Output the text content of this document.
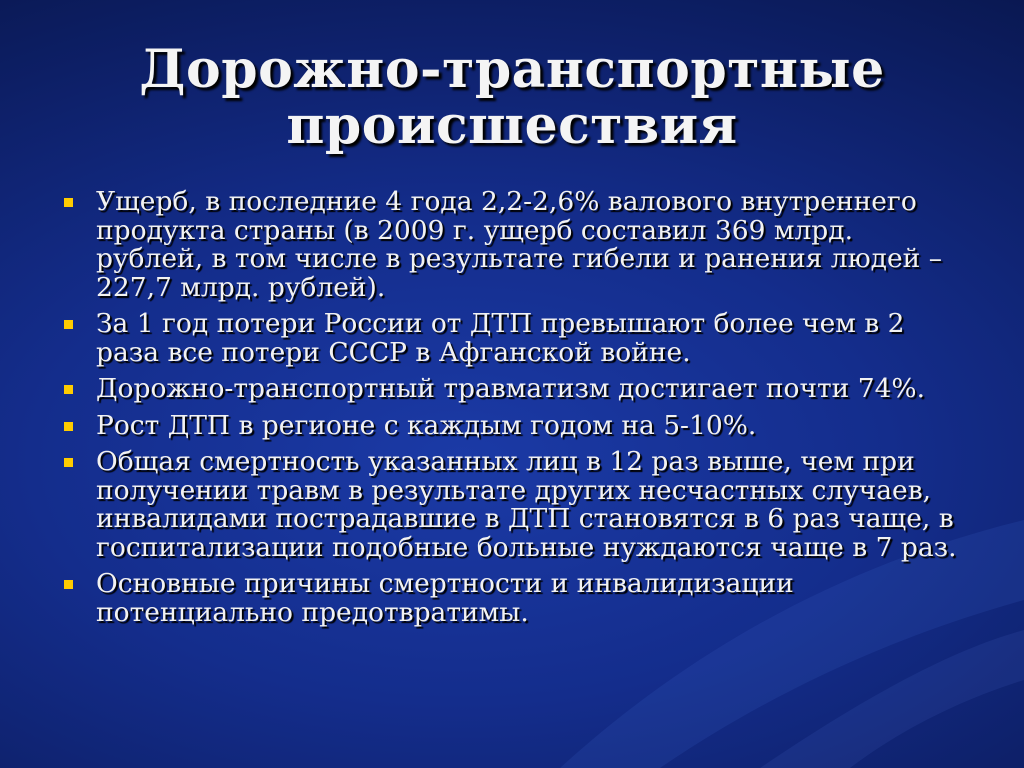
Дорожно-транспортные
происшествия
Ущерб, в последние 4 года 2,2-2,6% валового внутреннего продукта страны (в 2009 г. ущерб составил 369 млрд. рублей, в том числе в результате гибели и ранения людей – 227,7 млрд. рублей).
За 1 год потери России от ДТП превышают более чем в 2 раза все потери СССР в Афганской войне.
Дорожно-транспортный травматизм достигает почти 74%.
Рост ДТП в регионе с каждым годом на 5-10%.
Общая смертность указанных лиц в 12 раз выше, чем при получении травм в результате других несчастных случаев, инвалидами пострадавшие в ДТП становятся в 6 раз чаще, в госпитализации подобные больные нуждаются чаще в 7 раз.
Основные причины смертности и инвалидизации потенциально предотвратимы.
